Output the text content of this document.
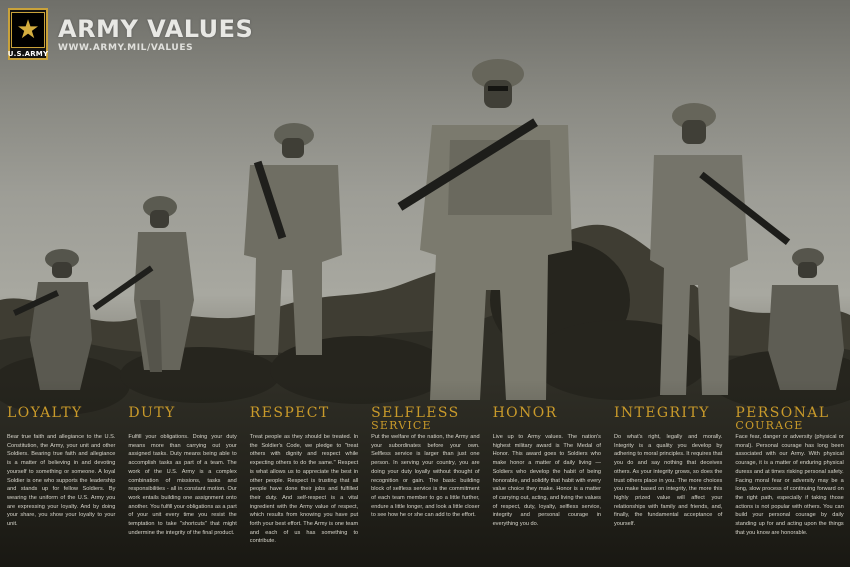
★
U.S.ARMY
ARMY VALUES
WWW.ARMY.MIL/VALUES
LOYALTY
Bear true faith and allegiance to the U.S. Constitution, the Army, your unit and other Soldiers. Bearing true faith and allegiance is a matter of believing in and devoting yourself to something or someone. A loyal Soldier is one who supports the leadership and stands up for fellow Soldiers. By wearing the uniform of the U.S. Army you are expressing your loyalty. And by doing your share, you show your loyalty to your unit.
DUTY
Fulfill your obligations. Doing your duty means more than carrying out your assigned tasks. Duty means being able to accomplish tasks as part of a team. The work of the U.S. Army is a complex combination of missions, tasks and responsibilities - all in constant motion. Our work entails building one assignment onto another. You fulfill your obligations as a part of your unit every time you resist the temptation to take "shortcuts" that might undermine the integrity of the final product.
RESPECT
Treat people as they should be treated. In the Soldier's Code, we pledge to "treat others with dignity and respect while expecting others to do the same." Respect is what allows us to appreciate the best in other people. Respect is trusting that all people have done their jobs and fulfilled their duty. And self-respect is a vital ingredient with the Army value of respect, which results from knowing you have put forth your best effort. The Army is one team and each of us has something to contribute.
SELFLESS
SERVICE
Put the welfare of the nation, the Army and your subordinates before your own. Selfless service is larger than just one person. In serving your country, you are doing your duty loyally without thought of recognition or gain. The basic building block of selfless service is the commitment of each team member to go a little further, endure a little longer, and look a little closer to see how he or she can add to the effort.
HONOR
Live up to Army values. The nation's highest military award is The Medal of Honor. This award goes to Soldiers who make honor a matter of daily living — Soldiers who develop the habit of being honorable, and solidify that habit with every value choice they make. Honor is a matter of carrying out, acting, and living the values of respect, duty, loyalty, selfless service, integrity and personal courage in everything you do.
INTEGRITY
Do what's right, legally and morally. Integrity is a quality you develop by adhering to moral principles. It requires that you do and say nothing that deceives others. As your integrity grows, so does the trust others place in you. The more choices you make based on integrity, the more this highly prized value will affect your relationships with family and friends, and, finally, the fundamental acceptance of yourself.
PERSONAL
COURAGE
Face fear, danger or adversity (physical or moral). Personal courage has long been associated with our Army. With physical courage, it is a matter of enduring physical duress and at times risking personal safety. Facing moral fear or adversity may be a long, slow process of continuing forward on the right path, especially if taking those actions is not popular with others. You can build your personal courage by daily standing up for and acting upon the things that you know are honorable.
